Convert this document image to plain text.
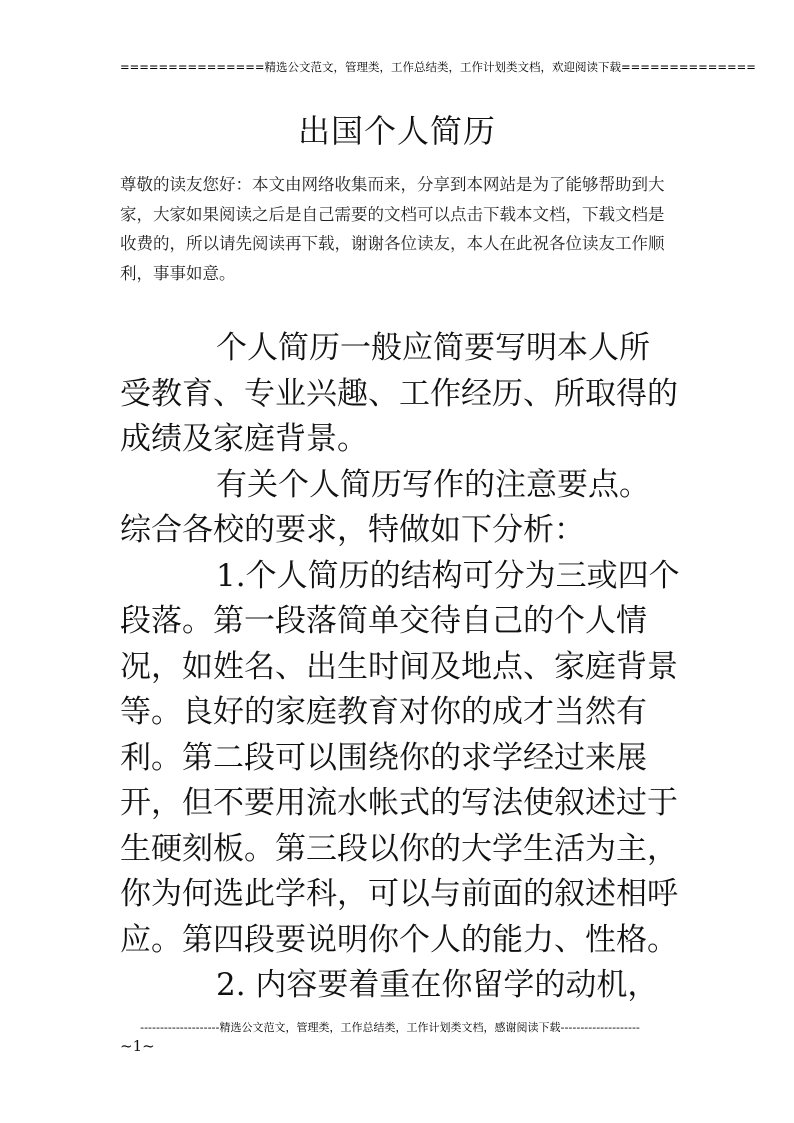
===============精选公文范文，管理类，工作总结类，工作计划类文档，欢迎阅读下载==============
出国个人简历
尊敬的读友您好：本文由网络收集而来，分享到本网站是为了能够帮助到大家，大家如果阅读之后是自己需要的文档可以点击下载本文档，下载文档是收费的，所以请先阅读再下载，谢谢各位读友，本人在此祝各位读友工作顺利，事事如意。

个人简历一般应简要写明本人所受教育、专业兴趣、工作经历、所取得的成绩及家庭背景。

有关个人简历写作的注意要点。综合各校的要求，特做如下分析：

1.个人简历的结构可分为三或四个段落。第一段落简单交待自己的个人情况，如姓名、出生时间及地点、家庭背景等。良好的家庭教育对你的成才当然有利。第二段可以围绕你的求学经过来展开，但不要用流水帐式的写法使叙述过于生硬刻板。第三段以你的大学生活为主，你为何选此学科，可以与前面的叙述相呼应。第四段要说明你个人的能力、性格。

2. 内容要着重在你留学的动机，

--------------------精选公文范文，管理类，工作总结类，工作计划类文档，感谢阅读下载--------------------
~1~
